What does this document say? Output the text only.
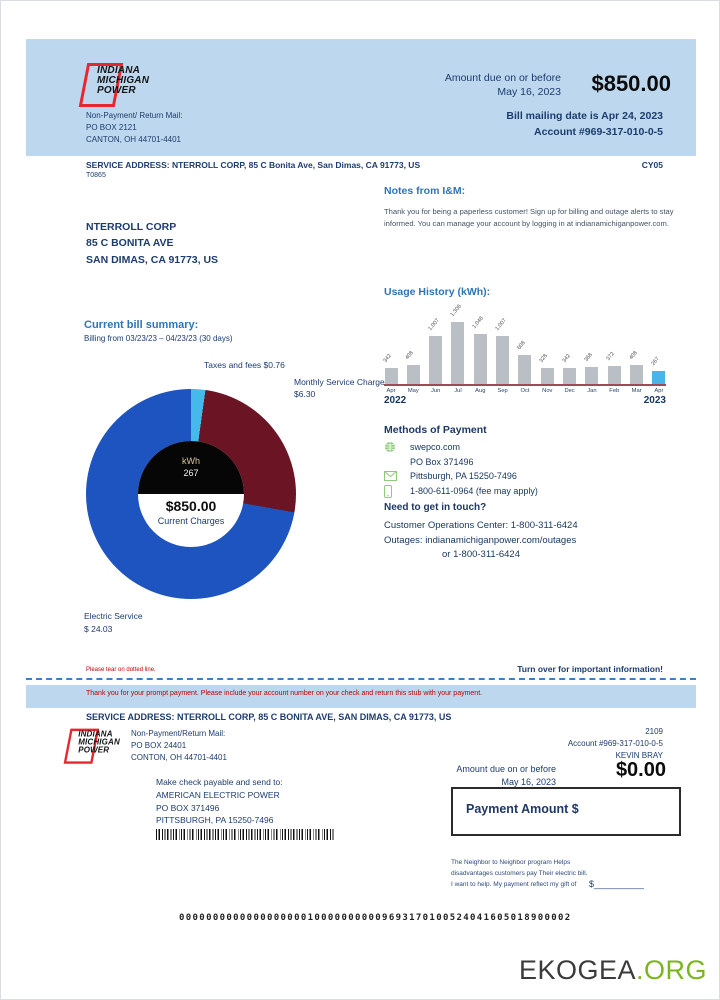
INDIANA
MICHIGAN
POWER
Non-Payment/ Return Mail:
PO BOX 2121
CANTON, OH 44701-4401
Amount due on or before
May 16, 2023	$850.00
Bill mailing date is Apr 24, 2023
Account #969-317-010-0-5
SERVICE ADDRESS: NTERROLL CORP, 85 C Bonita Ave, San Dimas, CA 91773, US	CY05
T0865
NTERROLL CORP
85 C BONITA AVE
SAN DIMAS, CA 91773, US
Notes from I&M:

Thank you for being a paperless customer! Sign up for billing and outage alerts to stay informed. You can manage your account by logging in at indianamichiganpower.com.

Usage History (kWh):
342 408
1,007
1,306
1,048 1,007
608
328 342 368 372 408
267
Apr	May	Jun	Jul	Aug	Sep	Oct	Nov	Dec	Jan	Feb	Mar	Apr
2022	2023
Current bill summary:
Billing from 03/23/23 – 04/23/23 (30 days)
Taxes and fees $0.76
Monthly Service Charge $6.30
kWh
267
$850.00
Current Charges
Electric Service
$ 24.03
Methods of Payment
swepco.com
PO Box 371496
Pittsburgh, PA 15250-7496
1-800-611-0964 (fee may apply)
Need to get in touch?
Customer Operations Center: 1-800-311-6424
Outages: indianamichiganpower.com/outages
or 1-800-311-6424
Please tear on dotted line.	Turn over for important information!
Thank you for your prompt payment. Please include your account number on your check and return this stub with your payment.
SERVICE ADDRESS: NTERROLL CORP, 85 C BONITA AVE, SAN DIMAS, CA 91773, US
INDIANA
MICHIGAN
POWER
Non-Payment/Return Mail:
PO BOX 24401
CONTON, OH 44701-4401
2109
Account #969-317-010-0-5
KEVIN BRAY
Amount due on or before
May 16, 2023
$0.00
Make check payable and send to:
AMERICAN ELECTRIC POWER
PO BOX 371496
PITTSBURGH, PA 15250-7496
Payment Amount $
The Neighbor to Neighbor program Helps disadvantages customers pay Their electric bill. I want to help. My payment reflect my gift of	$__________
0000000000000000000100000000009693170100524041605018900002
EKOGEA.ORG
